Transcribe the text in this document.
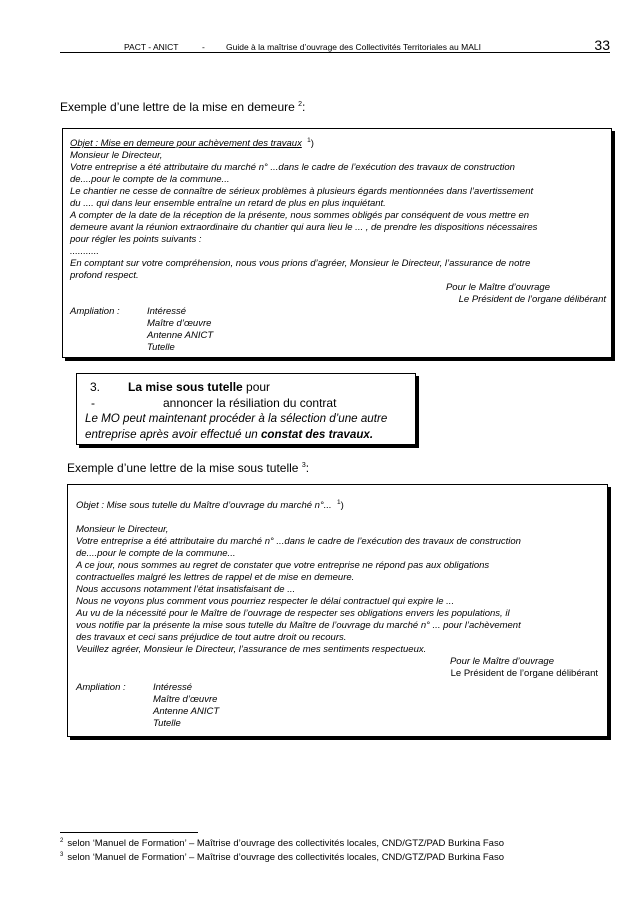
PACT - ANICT	- Guide à la maîtrise d’ouvrage des Collectivités Territoriales au MALI	33
Exemple d’une lettre de la mise en demeure $^2$:
Objet : Mise en demeure pour achèvement des travaux $^1$)
Monsieur le Directeur,
Votre entreprise a été attributaire du marché n° ...dans le cadre de l’exécution des travaux de construction
de....pour le compte de la commune...
Le chantier ne cesse de connaître de sérieux problèmes à plusieurs égards mentionnées dans l’avertissement
du .... qui dans leur ensemble entraîne un retard de plus en plus inquiétant.
A compter de la date de la réception de la présente, nous sommes obligés par conséquent de vous mettre en
demeure avant la réunion extraordinaire du chantier qui aura lieu le ... , de prendre les dispositions nécessaires
pour régler les points suivants :
...........
En comptant sur votre compréhension, nous vous prions d’agréer, Monsieur le Directeur, l’assurance de notre
profond respect.
Pour le Maître d’ouvrage
Le Président de l’organe délibérant
Ampliation :	Intéressé
Maître d’œuvre
Antenne ANICT
Tutelle
3. La mise sous tutelle pour
-	annoncer la résiliation du contrat
Le MO peut maintenant procéder à la sélection d’une autre
entreprise après avoir effectué un constat des travaux.
Exemple d’une lettre de la mise sous tutelle $^3$:
Objet : Mise sous tutelle du Maître d’ouvrage du marché n°... $^1$)
Monsieur le Directeur,
Votre entreprise a été attributaire du marché n° ...dans le cadre de l’exécution des travaux de construction
de....pour le compte de la commune...
A ce jour, nous sommes au regret de constater que votre entreprise ne répond pas aux obligations
contractuelles malgré les lettres de rappel et de mise en demeure.
Nous accusons notamment l’état insatisfaisant de ...
Nous ne voyons plus comment vous pourriez respecter le délai contractuel qui expire le ...
Au vu de la nécessité pour le Maître de l’ouvrage de respecter ses obligations envers les populations, il
vous notifie par la présente la mise sous tutelle du Maître de l’ouvrage du marché n° ... pour l’achèvement
des travaux et ceci sans préjudice de tout autre droit ou recours.
Veuillez agréer, Monsieur le Directeur, l’assurance de mes sentiments respectueux.
Pour le Maître d’ouvrage
Le Président de l’organe délibérant
Ampliation :	Intéressé
Maître d’œuvre
Antenne ANICT
Tutelle
$^2$ selon ‘Manuel de Formation’ – Maîtrise d’ouvrage des collectivités locales, CND/GTZ/PAD Burkina Faso
$^3$ selon ‘Manuel de Formation’ – Maîtrise d’ouvrage des collectivités locales, CND/GTZ/PAD Burkina Faso
